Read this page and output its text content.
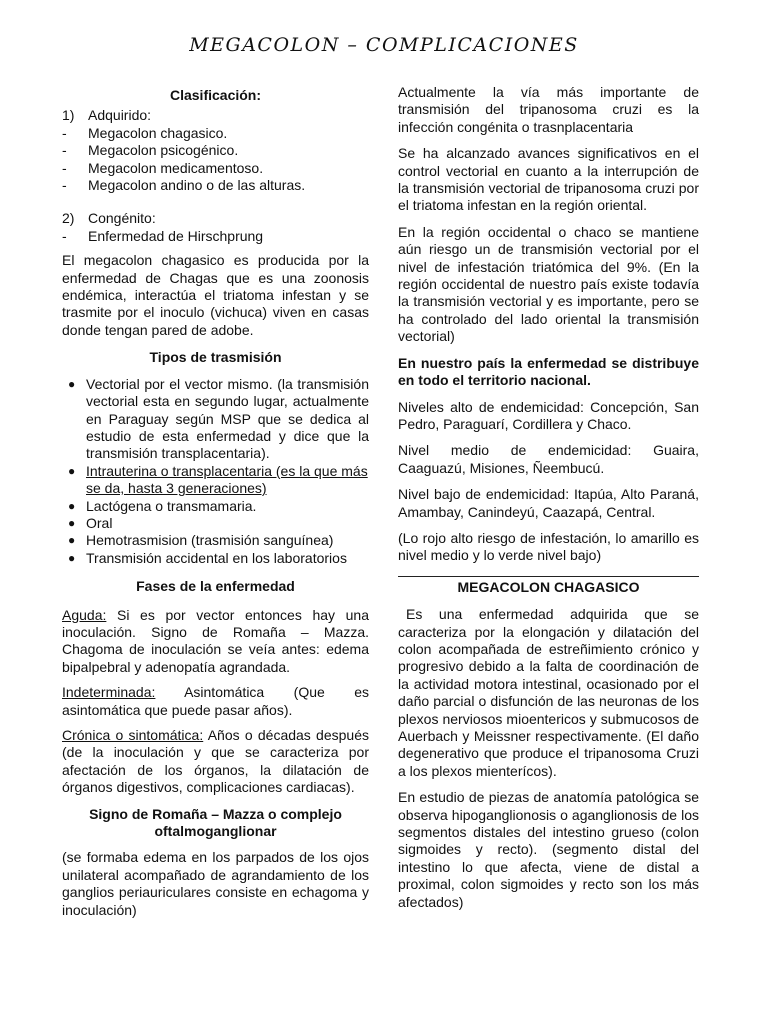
MEGACOLON – COMPLICACIONES

Clasificación:

1) Adquirido:
-	Megacolon chagasico.
-	Megacolon psicogénico.
-	Megacolon medicamentoso.
-	Megacolon andino o de las alturas.
2) Congénito:
-	Enfermedad de Hirschprung

El megacolon chagasico es producida por la enfermedad de Chagas que es una zoonosis endémica, interactúa el triatoma infestan y se trasmite por el inoculo (vichuca) viven en casas donde tengan pared de adobe.

Tipos de trasmisión

● Vectorial por el vector mismo. (la transmisión vectorial esta en segundo lugar, actualmente en Paraguay según MSP que se dedica al estudio de esta enfermedad y dice que la transmisión transplacentaria).
● Intrauterina o transplacentaria (es la que más se da, hasta 3 generaciones)
● Lactógena o transmamaria.
● Oral
● Hemotrasmision (trasmisión sanguínea)
● Transmisión accidental en los laboratorios

Fases de la enfermedad

Aguda: Si es por vector entonces hay una inoculación. Signo de Romaña – Mazza. Chagoma de inoculación se veía antes: edema bipalpebral y adenopatía agrandada.

Indeterminada: Asintomática (Que es asintomática que puede pasar años).

Crónica o sintomática: Años o décadas después (de la inoculación y que se caracteriza por afectación de los órganos, la dilatación de órganos digestivos, complicaciones cardiacas).

Signo de Romaña – Mazza o complejo oftalmoganglionar

(se formaba edema en los parpados de los ojos unilateral acompañado de agrandamiento de los ganglios periauriculares consiste en echagoma y inoculación)

Actualmente la vía más importante de transmisión del tripanosoma cruzi es la infección congénita o trasnplacentaria

Se ha alcanzado avances significativos en el control vectorial en cuanto a la interrupción de la transmisión vectorial de tripanosoma cruzi por el triatoma infestan en la región oriental.

En la región occidental o chaco se mantiene aún riesgo un de transmisión vectorial por el nivel de infestación triatómica del 9%. (En la región occidental de nuestro país existe todavía la transmisión vectorial y es importante, pero se ha controlado del lado oriental la transmisión vectorial)

En nuestro país la enfermedad se distribuye en todo el territorio nacional.

Niveles alto de endemicidad: Concepción, San Pedro, Paraguarí, Cordillera y Chaco.

Nivel medio de endemicidad: Guaira, Caaguazú, Misiones, Ñeembucú.

Nivel bajo de endemicidad: Itapúa, Alto Paraná, Amambay, Canindeyú, Caazapá, Central.

(Lo rojo alto riesgo de infestación, lo amarillo es nivel medio y lo verde nivel bajo)

MEGACOLON CHAGASICO

Es una enfermedad adquirida que se caracteriza por la elongación y dilatación del colon acompañada de estreñimiento crónico y progresivo debido a la falta de coordinación de la actividad motora intestinal, ocasionado por el daño parcial o disfunción de las neuronas de los plexos nerviosos mioentericos y submucosos de Auerbach y Meissner respectivamente. (El daño degenerativo que produce el tripanosoma Cruzi a los plexos mienterícos).

En estudio de piezas de anatomía patológica se observa hipoganglionosis o aganglionosis de los segmentos distales del intestino grueso (colon sigmoides y recto). (segmento distal del intestino lo que afecta, viene de distal a proximal, colon sigmoides y recto son los más afectados)
